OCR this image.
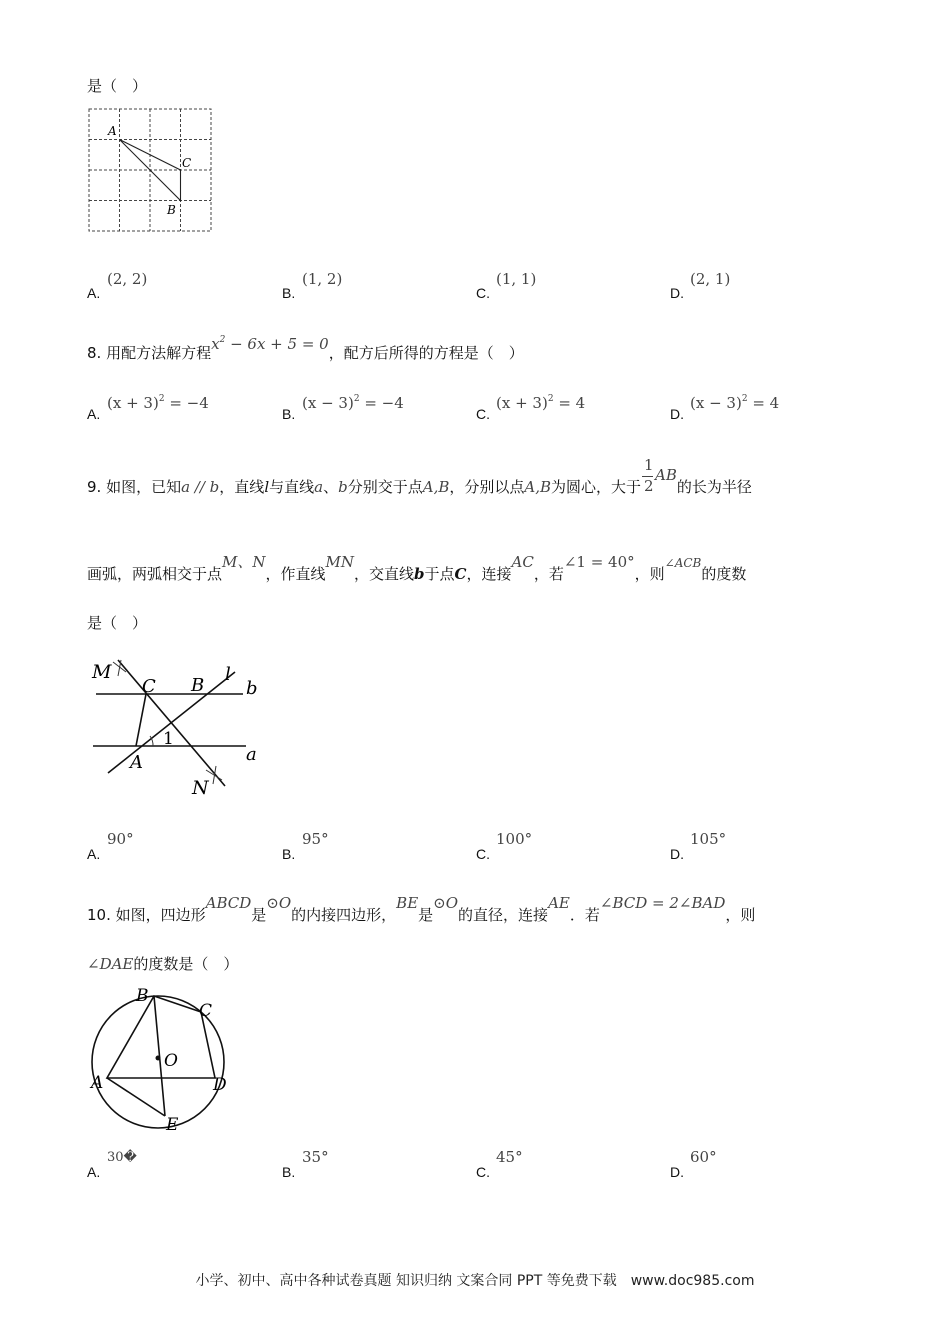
是（　）
A
C
B
A.
(2, 2)
B.
(1, 2)
C.
(1, 1)
D.
(2, 1)
8. 用配方法解方程$x^2 - 6x + 5 = 0$，配方后所得的方程是（　）
A.
$(x + 3)^2 = -4$
B.
$(x - 3)^2 = -4$
C.
$(x + 3)^2 = 4$
D.
$(x - 3)^2 = 4$
9. 如图，已知a // b，直线l与直线a、b分别交于点A,B，分别以点A,B为圆心，大于 $\frac{1}{2}$
AB的长为半径
画弧，两弧相交于点M、N，作直线MN，交直线b于点C，连接AC，若∠1 = 40°，则$^{\angle ACB}$的度数
是（　）
M
C B
l
b
1
A	a
N
A.
90°
B.
95°
C.
100°
D.
105°
10. 如图，四边形ABCD是⊙O的内接四边形，BE是⊙O的直径，连接AE．若∠BCD = 2∠BAD，则
∠DAE的度数是（　）
B
C
O
A	D
E
A.
30�
B.
35°
C.
45°
D.
60°
小学、初中、高中各种试卷真题 知识归纳 文案合同 PPT 等免费下载　www.doc985.com
